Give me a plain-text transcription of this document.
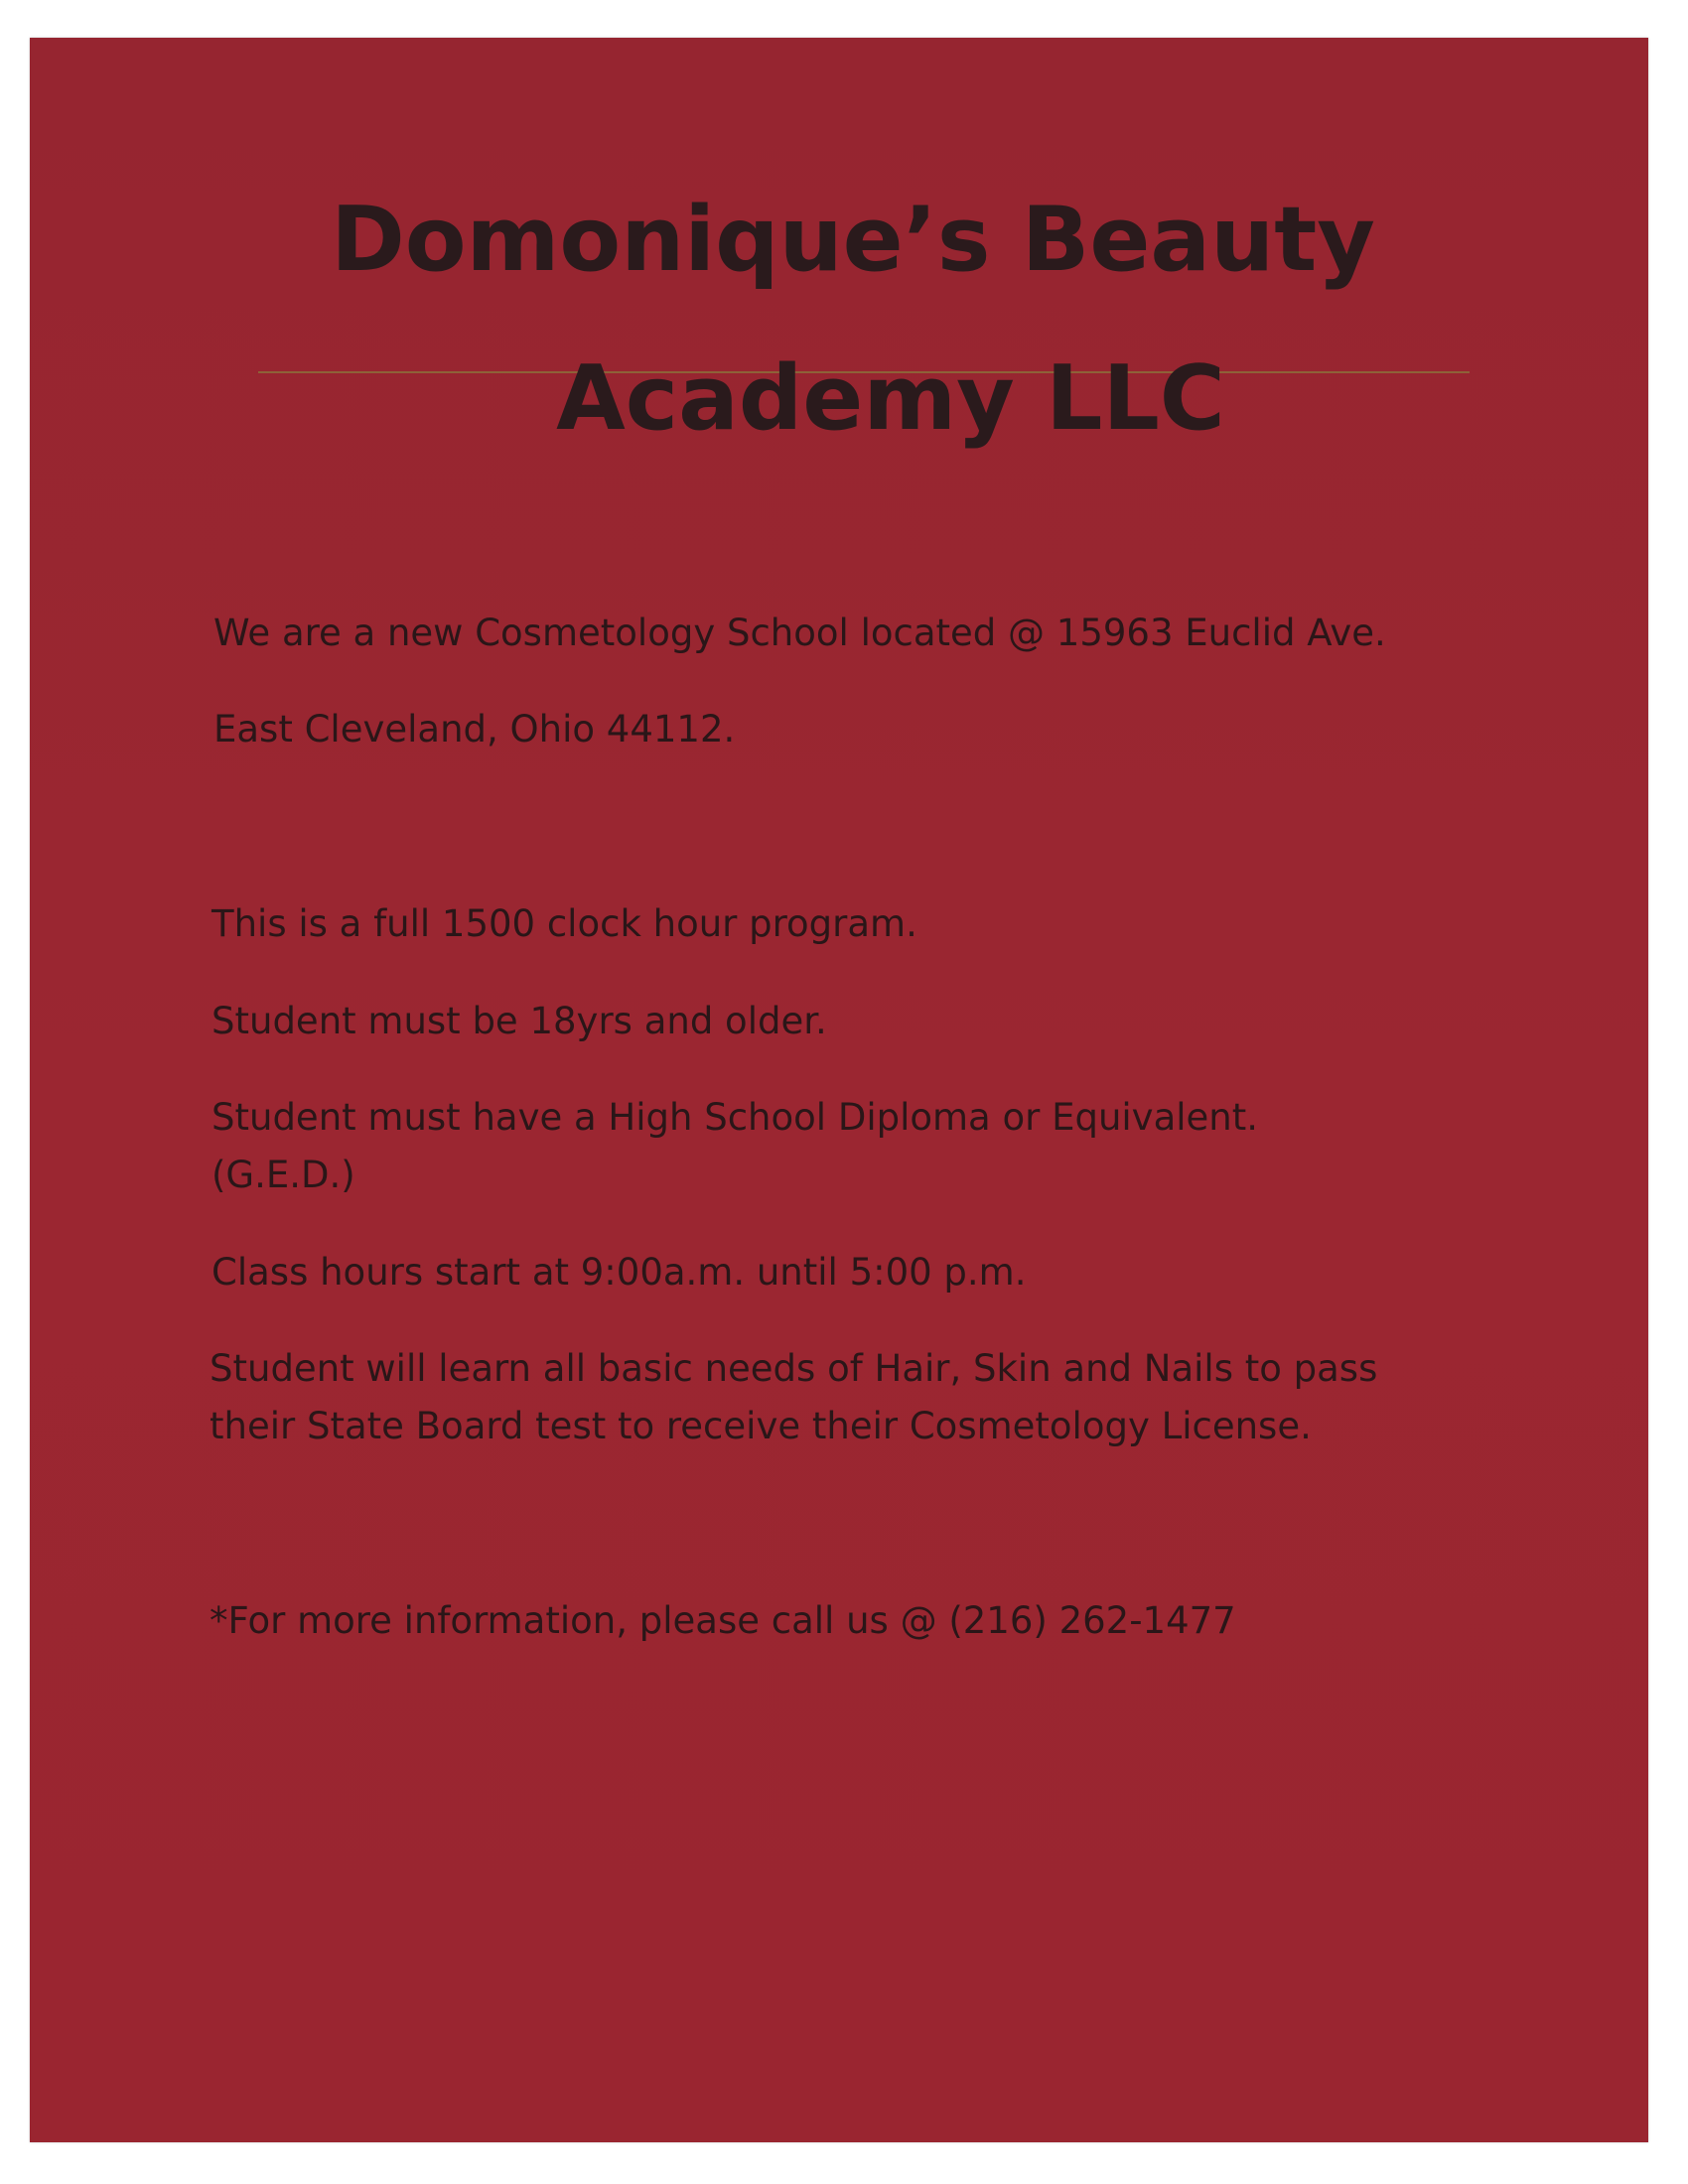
Domonique’s Beauty
Academy LLC

We are a new Cosmetology School located @ 15963 Euclid Ave.

East Cleveland, Ohio 44112.

This is a full 1500 clock hour program.

Student must be 18yrs and older.

Student must have a High School Diploma or Equivalent.

(G.E.D.)

Class hours start at 9:00a.m. until 5:00 p.m.

Student will learn all basic needs of Hair, Skin and Nails to pass

their State Board test to receive their Cosmetology License.

*For more information, please call us @ (216) 262-1477
